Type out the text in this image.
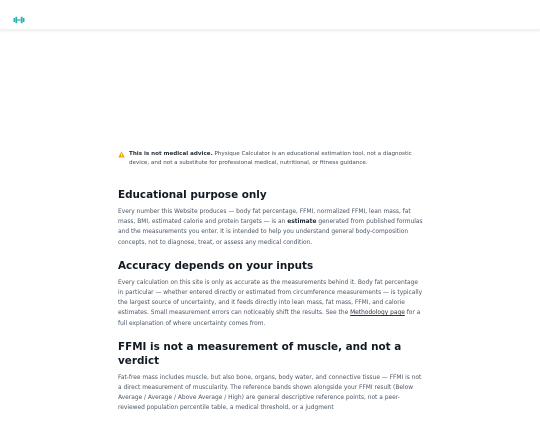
This is not medical advice. Physique Calculator is an educational estimation tool, not a diagnostic device, and not a substitute for professional medical, nutritional, or fitness guidance.
Educational purpose only

Every number this Website produces — body fat percentage, FFMI, normalized FFMI, lean mass, fat mass, BMI, estimated calorie and protein targets — is an estimate generated from published formulas and the measurements you enter. It is intended to help you understand general body-composition concepts, not to diagnose, treat, or assess any medical condition.

Accuracy depends on your inputs

Every calculation on this site is only as accurate as the measurements behind it. Body fat percentage in particular — whether entered directly or estimated from circumference measurements — is typically the largest source of uncertainty, and it feeds directly into lean mass, fat mass, FFMI, and calorie estimates. Small measurement errors can noticeably shift the results. See the Methodology page for a full explanation of where uncertainty comes from.

FFMI is not a measurement of muscle, and not a verdict

Fat-free mass includes muscle, but also bone, organs, body water, and connective tissue — FFMI is not a direct measurement of muscularity. The reference bands shown alongside your FFMI result (Below Average / Average / Above Average / High) are general descriptive reference points, not a peer-reviewed population percentile table, a medical threshold, or a judgment
